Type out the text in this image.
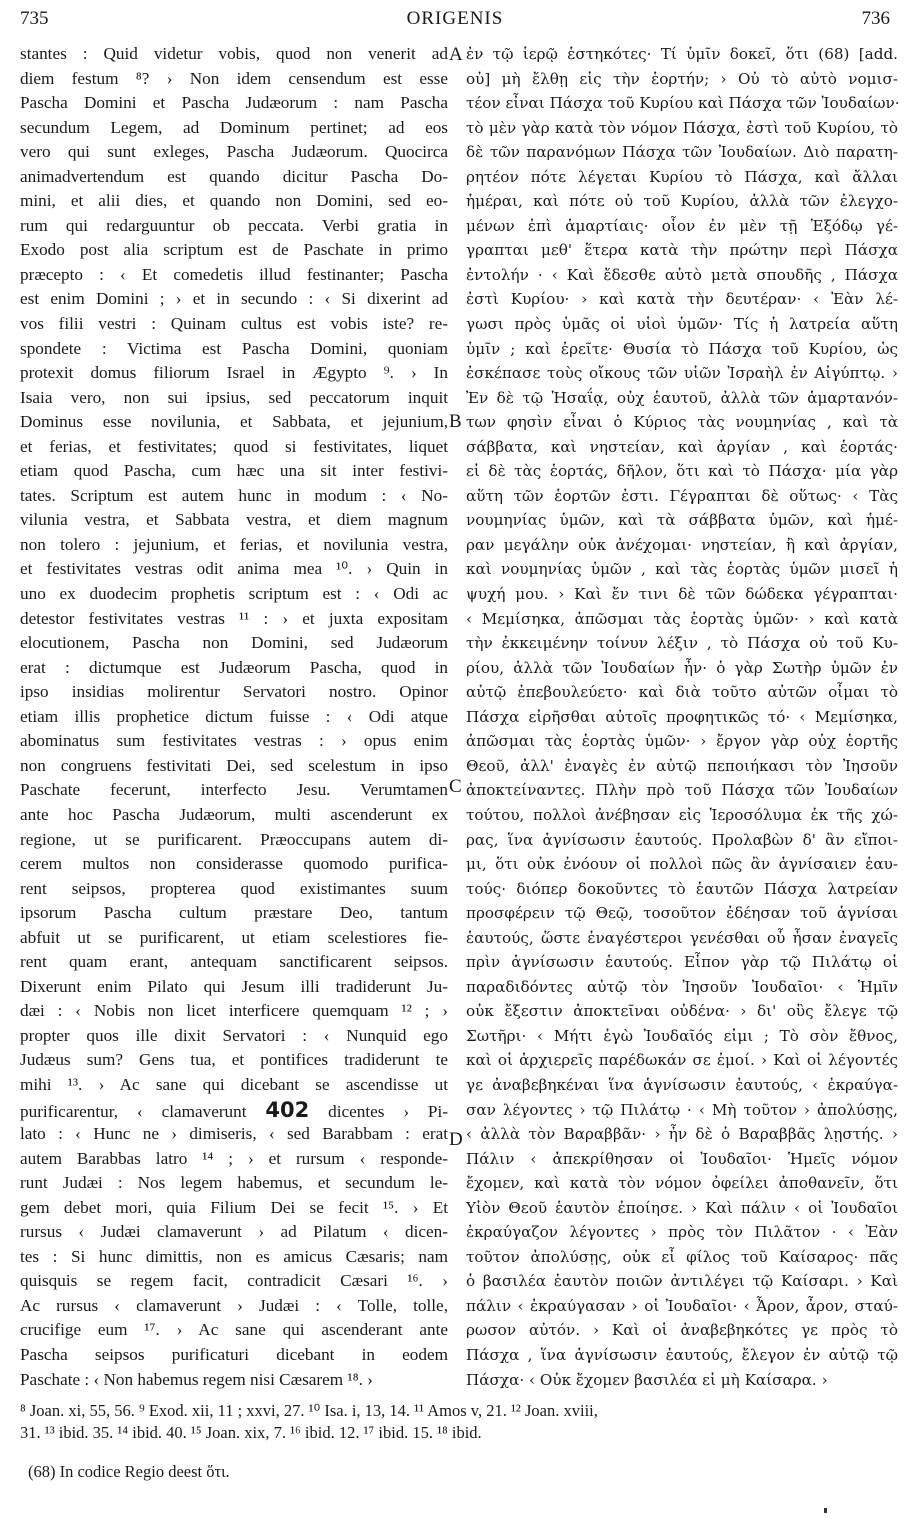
735	ORIGENIS	736
stantes : Quid videtur vobis, quod non venerit ad
diem festum ⁸? › Non idem censendum est esse
Pascha Domini et Pascha Judæorum : nam Pascha
secundum Legem, ad Dominum pertinet; ad eos
vero qui sunt exleges, Pascha Judæorum. Quocirca
animadvertendum est quando dicitur Pascha Do-
mini, et alii dies, et quando non Domini, sed eo-
rum qui redarguuntur ob peccata. Verbi gratia in
Exodo post alia scriptum est de Paschate in primo
præcepto : ‹ Et comedetis illud festinanter; Pascha
est enim Domini ; › et in secundo : ‹ Si dixerint ad
vos filii vestri : Quinam cultus est vobis iste? re-
spondete : Victima est Pascha Domini, quoniam
protexit domus filiorum Israel in Ægypto ⁹. › In
Isaia vero, non sui ipsius, sed peccatorum inquit
Dominus esse novilunia, et Sabbata, et jejunium,
et ferias, et festivitates; quod si festivitates, liquet
etiam quod Pascha, cum hæc una sit inter festivi-
tates. Scriptum est autem hunc in modum : ‹ No-
vilunia vestra, et Sabbata vestra, et diem magnum
non tolero : jejunium, et ferias, et novilunia vestra,
et festivitates vestras odit anima mea ¹⁰. › Quin in
uno ex duodecim prophetis scriptum est : ‹ Odi ac
detestor festivitates vestras ¹¹ : › et juxta expositam
elocutionem, Pascha non Domini, sed Judæorum
erat : dictumque est Judæorum Pascha, quod in
ipso insidias molirentur Servatori nostro. Opinor
etiam illis prophetice dictum fuisse : ‹ Odi atque
abominatus sum festivitates vestras : › opus enim
non congruens festivitati Dei, sed scelestum in ipso
Paschate fecerunt, interfecto Jesu. Verumtamen
ante hoc Pascha Judæorum, multi ascenderunt ex
regione, ut se purificarent. Præoccupans autem di-
cerem multos non considerasse quomodo purifica-
rent seipsos, propterea quod existimantes suum
ipsorum Pascha cultum præstare Deo, tantum
abfuit ut se purificarent, ut etiam scelestiores fie-
rent quam erant, antequam sanctificarent seipsos.
Dixerunt enim Pilato qui Jesum illi tradiderunt Ju-
dæi : ‹ Nobis non licet interficere quemquam ¹² ; ›
propter quos ille dixit Servatori : ‹ Nunquid ego
Judæus sum? Gens tua, et pontifices tradiderunt te
mihi ¹³. › Ac sane qui dicebant se ascendisse ut
purificarentur, ‹ clamaverunt 402 dicentes › Pi-
lato : ‹ Hunc ne › dimiseris, ‹ sed Barabbam : erat
autem Barabbas latro ¹⁴ ; › et rursum ‹ responde-
runt Judæi : Nos legem habemus, et secundum le-
gem debet mori, quia Filium Dei se fecit ¹⁵. › Et
rursus ‹ Judæi clamaverunt › ad Pilatum ‹ dicen-
tes : Si hunc dimittis, non es amicus Cæsaris; nam
quisquis se regem facit, contradicit Cæsari ¹⁶. ›
Ac rursus ‹ clamaverunt › Judæi : ‹ Tolle, tolle,
crucifige eum ¹⁷. › Ac sane qui ascenderant ante
Pascha seipsos purificaturi dicebant in eodem
Paschate : ‹ Non habemus regem nisi Cæsarem ¹⁸. ›
ἐν τῷ ἱερῷ ἑστηκότες· Τί ὑμῖν δοκεῖ, ὅτι (68) [add.
οὐ] μὴ ἔλθῃ εἰς τὴν ἑορτήν; › Οὐ τὸ αὐτὸ νομισ-
τέον εἶναι Πάσχα τοῦ Κυρίου καὶ Πάσχα τῶν Ἰουδαίων·
τὸ μὲν γὰρ κατὰ τὸν νόμον Πάσχα, ἐστὶ τοῦ Κυρίου, τὸ
δὲ τῶν παρανόμων Πάσχα τῶν Ἰουδαίων. Διὸ παρατη-
ρητέον πότε λέγεται Κυρίου τὸ Πάσχα, καὶ ἄλλαι
ἡμέραι, καὶ πότε οὐ τοῦ Κυρίου, ἀλλὰ τῶν ἐλεγχο-
μένων ἐπὶ ἁμαρτίαις· οἷον ἐν μὲν τῇ Ἐξόδῳ γέ-
γραπται μεθ' ἕτερα κατὰ τὴν πρώτην περὶ Πάσχα
ἐντολήν · ‹ Καὶ ἔδεσθε αὐτὸ μετὰ σπουδῆς , Πάσχα
ἐστὶ Κυρίου· › καὶ κατὰ τὴν δευτέραν· ‹ Ἐὰν λέ-
γωσι πρὸς ὑμᾶς οἱ υἱοὶ ὑμῶν· Τίς ἡ λατρεία αὕτη
ὑμῖν ; καὶ ἐρεῖτε· Θυσία τὸ Πάσχα τοῦ Κυρίου, ὡς
ἐσκέπασε τοὺς οἴκους τῶν υἱῶν Ἰσραὴλ ἐν Αἰγύπτῳ. ›
Ἐν δὲ τῷ Ἡσαΐᾳ, οὐχ ἑαυτοῦ, ἀλλὰ τῶν ἁμαρτανόν-
των φησὶν εἶναι ὁ Κύριος τὰς νουμηνίας , καὶ τὰ
σάββατα, καὶ νηστείαν, καὶ ἀργίαν , καὶ ἑορτάς·
εἰ δὲ τὰς ἑορτάς, δῆλον, ὅτι καὶ τὸ Πάσχα· μία γὰρ
αὕτη τῶν ἑορτῶν ἐστι. Γέγραπται δὲ οὕτως· ‹ Τὰς
νουμηνίας ὑμῶν, καὶ τὰ σάββατα ὑμῶν, καὶ ἡμέ-
ραν μεγάλην οὐκ ἀνέχομαι· νηστείαν, ἢ καὶ ἀργίαν,
καὶ νουμηνίας ὑμῶν , καὶ τὰς ἑορτὰς ὑμῶν μισεῖ ἡ
ψυχή μου. › Καὶ ἔν τινι δὲ τῶν δώδεκα γέγραπται·
‹ Μεμίσηκα, ἀπῶσμαι τὰς ἑορτὰς ὑμῶν· › καὶ κατὰ
τὴν ἐκκειμένην τοίνυν λέξιν , τὸ Πάσχα οὐ τοῦ Κυ-
ρίου, ἀλλὰ τῶν Ἰουδαίων ἦν· ὁ γὰρ Σωτὴρ ὑμῶν ἐν
αὐτῷ ἐπεβουλεύετο· καὶ διὰ τοῦτο αὐτῶν οἶμαι τὸ
Πάσχα εἰρῆσθαι αὐτοῖς προφητικῶς τό· ‹ Μεμίσηκα,
ἀπῶσμαι τὰς ἑορτὰς ὑμῶν· › ἔργον γὰρ οὐχ ἑορτῆς
Θεοῦ, ἀλλ' ἐναγὲς ἐν αὐτῷ πεποιήκασι τὸν Ἰησοῦν
ἀποκτείναντες. Πλὴν πρὸ τοῦ Πάσχα τῶν Ἰουδαίων
τούτου, πολλοὶ ἀνέβησαν εἰς Ἱεροσόλυμα ἐκ τῆς χώ-
ρας, ἵνα ἁγνίσωσιν ἑαυτούς. Προλαβὼν δ' ἂν εἴποι-
μι, ὅτι οὐκ ἐνόουν οἱ πολλοὶ πῶς ἂν ἁγνίσαιεν ἑαυ-
τούς· διόπερ δοκοῦντες τὸ ἑαυτῶν Πάσχα λατρείαν
προσφέρειν τῷ Θεῷ, τοσοῦτον ἐδέησαν τοῦ ἁγνίσαι
ἑαυτούς, ὥστε ἐναγέστεροι γενέσθαι οὗ ἦσαν ἐναγεῖς
πρὶν ἁγνίσωσιν ἑαυτούς. Εἶπον γὰρ τῷ Πιλάτῳ οἱ
παραδιδόντες αὐτῷ τὸν Ἰησοῦν Ἰουδαῖοι· ‹ Ἡμῖν
οὐκ ἔξεστιν ἀποκτεῖναι οὐδένα· › δι' οὓς ἔλεγε τῷ
Σωτῆρι· ‹ Μήτι ἐγὼ Ἰουδαῖός εἰμι ; Τὸ σὸν ἔθνος,
καὶ οἱ ἀρχιερεῖς παρέδωκάν σε ἐμοί. › Καὶ οἱ λέγοντές
γε ἀναβεβηκέναι ἵνα ἁγνίσωσιν ἑαυτούς, ‹ ἐκραύγα-
σαν λέγοντες › τῷ Πιλάτῳ · ‹ Μὴ τοῦτον › ἀπολύσῃς,
‹ ἀλλὰ τὸν Βαραββᾶν· › ἦν δὲ ὁ Βαραββᾶς λῃστής. ›
Πάλιν ‹ ἀπεκρίθησαν οἱ Ἰουδαῖοι· Ἡμεῖς νόμον
ἔχομεν, καὶ κατὰ τὸν νόμον ὀφείλει ἀποθανεῖν, ὅτι
Υἱὸν Θεοῦ ἑαυτὸν ἐποίησε. › Καὶ πάλιν ‹ οἱ Ἰουδαῖοι
ἐκραύγαζον λέγοντες › πρὸς τὸν Πιλᾶτον · ‹ Ἐὰν
τοῦτον ἀπολύσῃς, οὐκ εἶ φίλος τοῦ Καίσαρος· πᾶς
ὁ βασιλέα ἑαυτὸν ποιῶν ἀντιλέγει τῷ Καίσαρι. › Καὶ
πάλιν ‹ ἐκραύγασαν › οἱ Ἰουδαῖοι· ‹ Ἆρον, ἆρον, σταύ-
ρωσον αὐτόν. › Καὶ οἱ ἀναβεβηκότες γε πρὸς τὸ
Πάσχα , ἵνα ἁγνίσωσιν ἑαυτούς, ἔλεγον ἐν αὐτῷ τῷ
Πάσχα· ‹ Οὐκ ἔχομεν βασιλέα εἰ μὴ Καίσαρα. ›
A
B
C
D
⁸ Joan. xi, 55, 56. ⁹ Exod. xii, 11 ; xxvi, 27. ¹⁰ Isa. i, 13, 14. ¹¹ Amos v, 21. ¹² Joan. xviii,
31. ¹³ ibid. 35. ¹⁴ ibid. 40. ¹⁵ Joan. xix, 7. ¹⁶ ibid. 12. ¹⁷ ibid. 15. ¹⁸ ibid.
(68) In codice Regio deest ὅτι.
